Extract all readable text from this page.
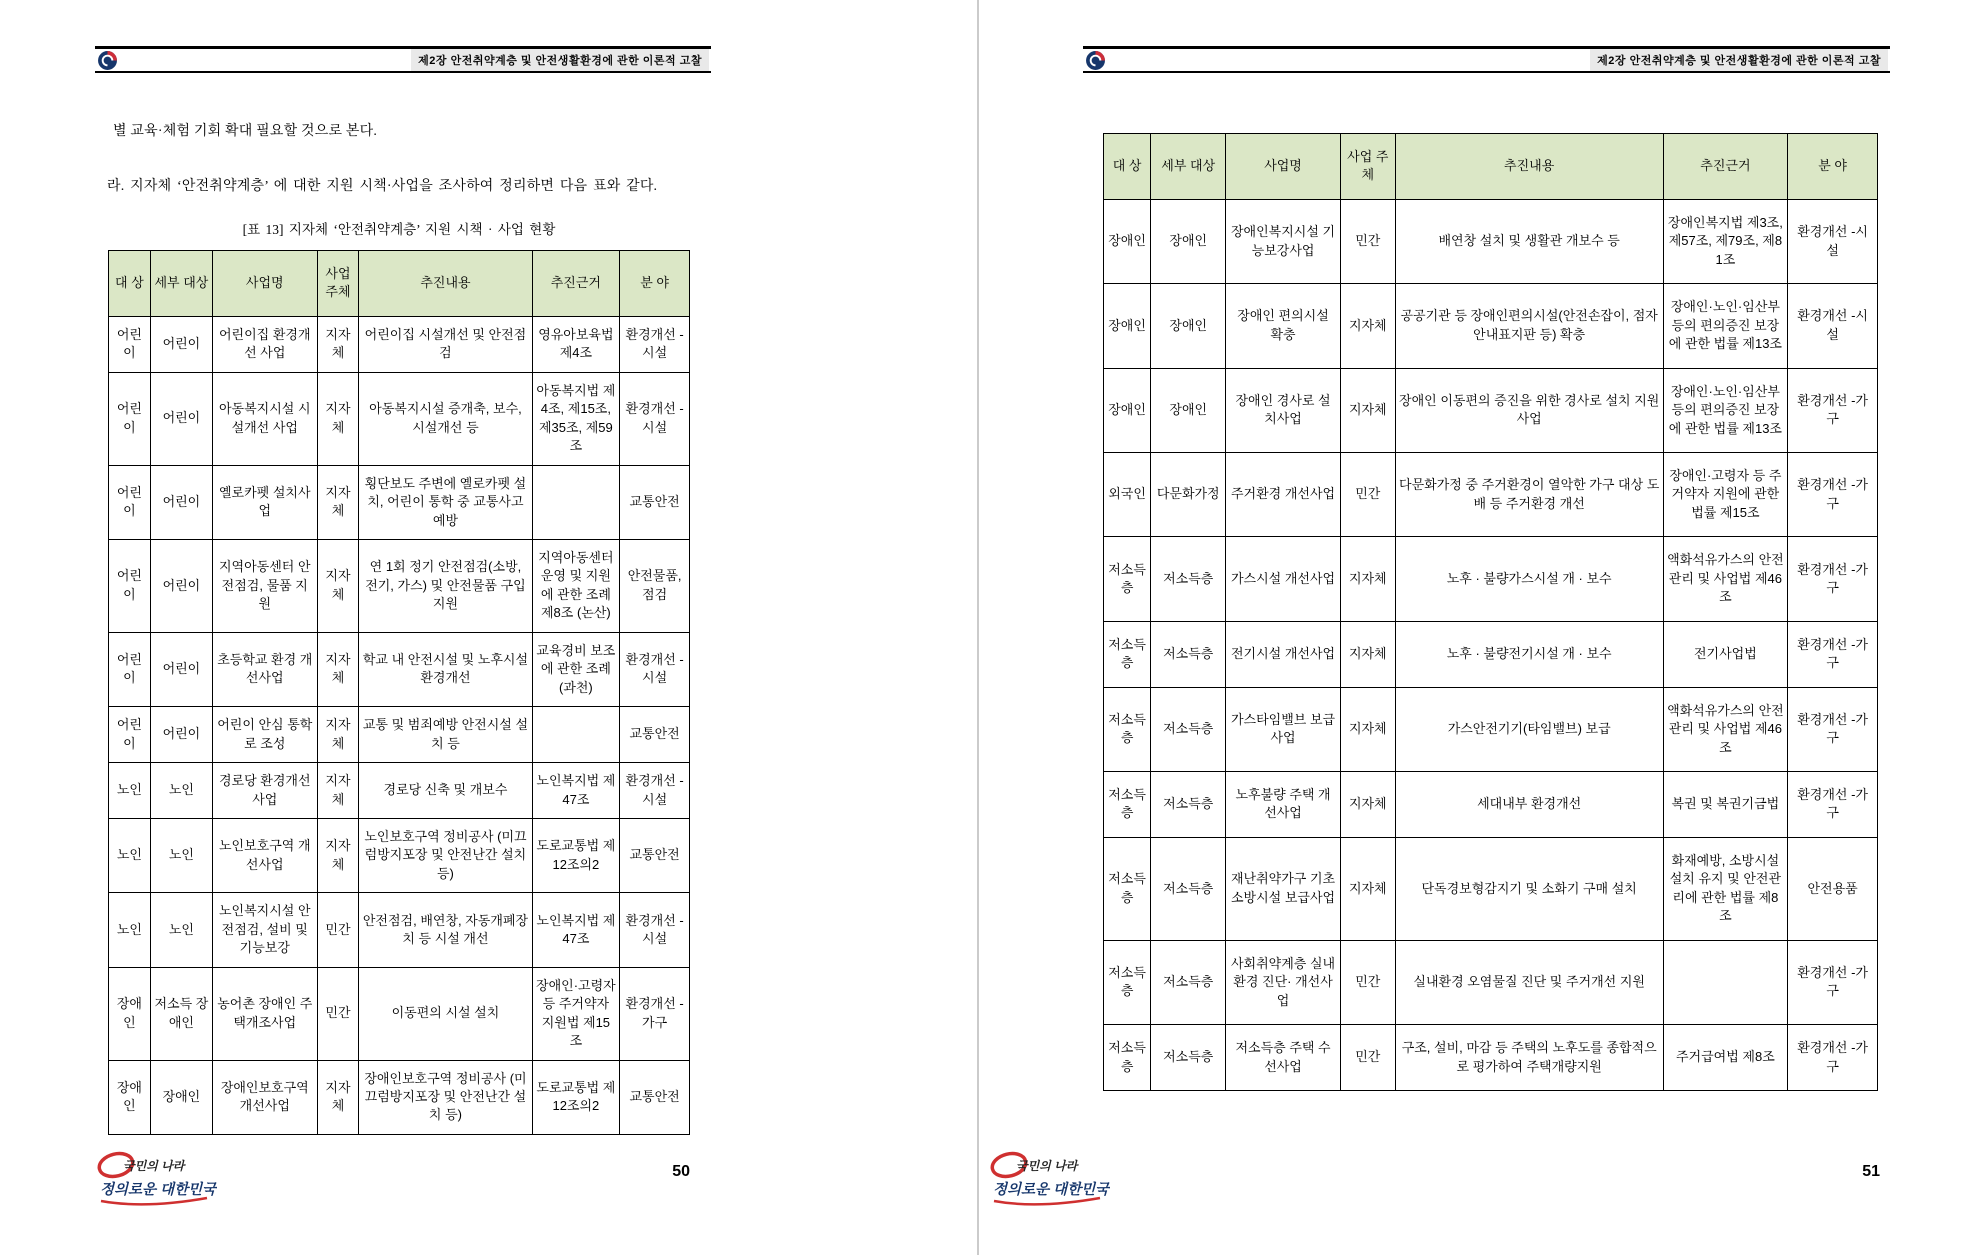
제2장 안전취약계층 및 안전생활환경에 관한 이론적 고찰
별 교육·체험 기회 확대 필요할 것으로 본다.
라. 지자체 ‘안전취약계층’ 에 대한 지원 시책·사업을 조사하여 정리하면 다음 표와 같다.
[표 13] 지자체 ‘안전취약계층’ 지원 시책 · 사업 현황
대 상	세부 대상	사업명	사업 주체	추진내용	추진근거	분 야
어린이	어린이	어린이집 환경개선 사업	지자체	어린이집 시설개선 및 안전점검	영유아보육법 제4조	환경개선 -시설
어린이	어린이	아동복지시설 시설개선 사업	지자체	아동복지시설 증개축, 보수, 시설개선 등	아동복지법 제4조, 제15조, 제35조, 제59조	환경개선 -시설
어린이	어린이	옐로카펫 설치사업	지자체	횡단보도 주변에 옐로카펫 설치, 어린이 통학 중 교통사고 예방		교통안전
어린이	어린이	지역아동센터 안전점검, 물품 지원	지자체	연 1회 정기 안전점검(소방, 전기, 가스) 및 안전물품 구입 지원	지역아동센터 운영 및 지원에 관한 조례 제8조 (논산)	안전물품, 점검
어린이	어린이	초등학교 환경 개선사업	지자체	학교 내 안전시설 및 노후시설 환경개선	교육경비 보조에 관한 조례 (과천)	환경개선 -시설
어린이	어린이	어린이 안심 통학로 조성	지자체	교통 및 범죄예방 안전시설 설치 등		교통안전
노인	노인	경로당 환경개선 사업	지자체	경로당 신축 및 개보수	노인복지법 제47조	환경개선 -시설
노인	노인	노인보호구역 개선사업	지자체	노인보호구역 정비공사 (미끄럼방지포장 및 안전난간 설치 등)	도로교통법 제12조의2	교통안전
노인	노인	노인복지시설 안전점검, 설비 및 기능보강	민간	안전점검, 배연창, 자동개폐장치 등 시설 개선	노인복지법 제47조	환경개선 -시설
장애인	저소득 장애인	농어촌 장애인 주택개조사업	민간	이동편의 시설 설치	장애인·고령자 등 주거약자 지원법 제15조	환경개선 -가구
장애인	장애인	장애인보호구역 개선사업	지자체	장애인보호구역 정비공사 (미끄럼방지포장 및 안전난간 설치 등)	도로교통법 제12조의2	교통안전
국민의 나라
정의로운 대한민국
50
제2장 안전취약계층 및 안전생활환경에 관한 이론적 고찰
대 상	세부 대상	사업명	사업 주체	추진내용	추진근거	분 야
장애인	장애인	장애인복지시설 기능보강사업	민간	배연창 설치 및 생활관 개보수 등	장애인복지법 제3조, 제57조, 제79조, 제81조	환경개선 -시설
장애인	장애인	장애인 편의시설 확충	지자체	공공기관 등 장애인편의시설(안전손잡이, 점자안내표지판 등) 확충	장애인·노인·임산부 등의 편의증진 보장에 관한 법률 제13조	환경개선 -시설
장애인	장애인	장애인 경사로 설치사업	지자체	장애인 이동편의 증진을 위한 경사로 설치 지원 사업	장애인·노인·임산부 등의 편의증진 보장에 관한 법률 제13조	환경개선 -가구
외국인	다문화가정	주거환경 개선사업	민간	다문화가정 중 주거환경이 열악한 가구 대상 도배 등 주거환경 개선	장애인·고령자 등 주거약자 지원에 관한 법률 제15조	환경개선 -가구
저소득층	저소득층	가스시설 개선사업	지자체	노후 · 불량가스시설 개 · 보수	액화석유가스의 안전관리 및 사업법 제46조	환경개선 -가구
저소득층	저소득층	전기시설 개선사업	지자체	노후 · 불량전기시설 개 · 보수	전기사업법	환경개선 -가구
저소득층	저소득층	가스타임밸브 보급사업	지자체	가스안전기기(타임밸브) 보급	액화석유가스의 안전관리 및 사업법 제46조	환경개선 -가구
저소득층	저소득층	노후불량 주택 개선사업	지자체	세대내부 환경개선	복권 및 복권기금법	환경개선 -가구
저소득층	저소득층	재난취약가구 기초소방시설 보급사업	지자체	단독경보형감지기 및 소화기 구매 설치	화재예방, 소방시설 설치 유지 및 안전관리에 관한 법률 제8조	안전용품
저소득층	저소득층	사회취약계층 실내환경 진단· 개선사업	민간	실내환경 오염물질 진단 및 주거개선 지원		환경개선 -가구
저소득층	저소득층	저소득층 주택 수선사업	민간	구조, 설비, 마감 등 주택의 노후도를 종합적으로 평가하여 주택개량지원	주거급여법 제8조	환경개선 -가구
국민의 나라
정의로운 대한민국
51
